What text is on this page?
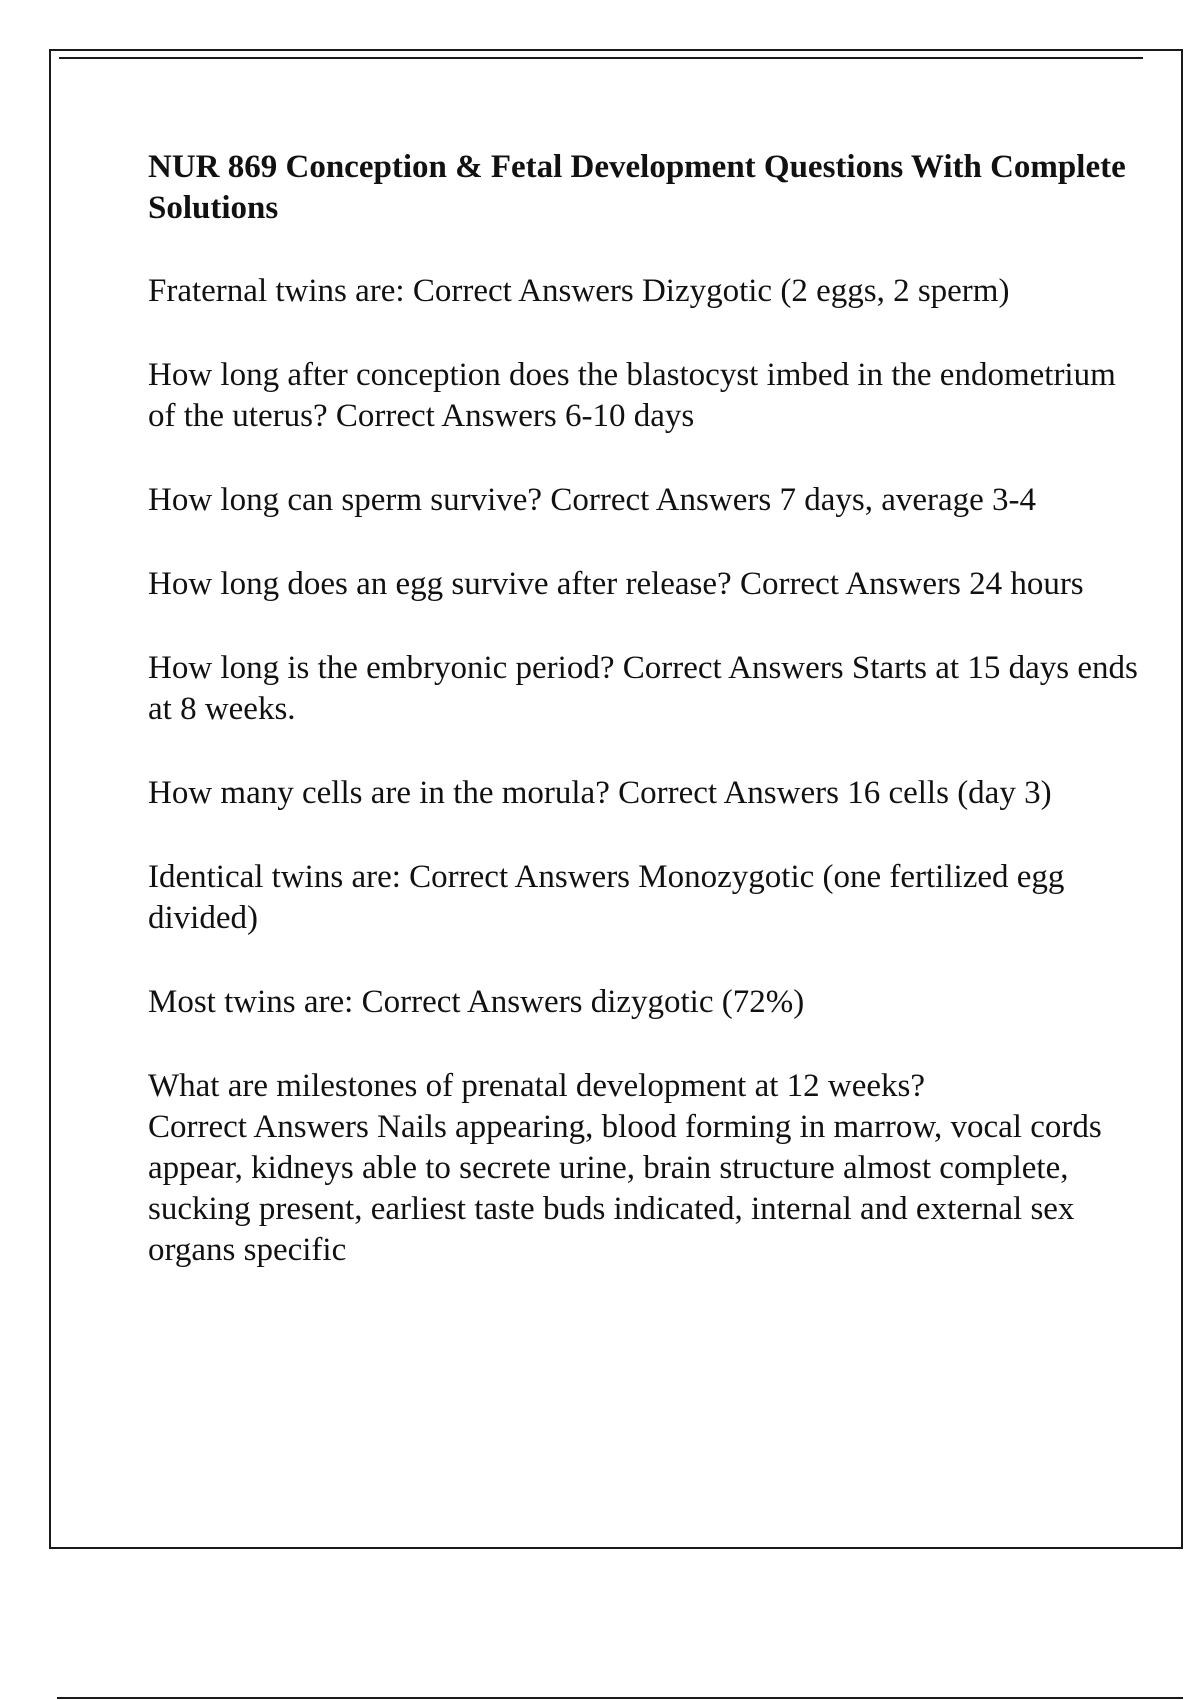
NUR 869 Conception & Fetal Development Questions With Complete Solutions
Fraternal twins are: Correct Answers Dizygotic (2 eggs, 2 sperm)
How long after conception does the blastocyst imbed in the endometrium of the uterus? Correct Answers 6-10 days
How long can sperm survive? Correct Answers 7 days, average 3-4
How long does an egg survive after release? Correct Answers 24 hours
How long is the embryonic period? Correct Answers Starts at 15 days ends at 8 weeks.
How many cells are in the morula? Correct Answers 16 cells (day 3)
Identical twins are: Correct Answers Monozygotic (one fertilized egg divided)
Most twins are: Correct Answers dizygotic (72%)
What are milestones of prenatal development at 12 weeks?
Correct Answers Nails appearing, blood forming in marrow, vocal cords appear, kidneys able to secrete urine, brain structure almost complete, sucking present, earliest taste buds indicated, internal and external sex organs specific
